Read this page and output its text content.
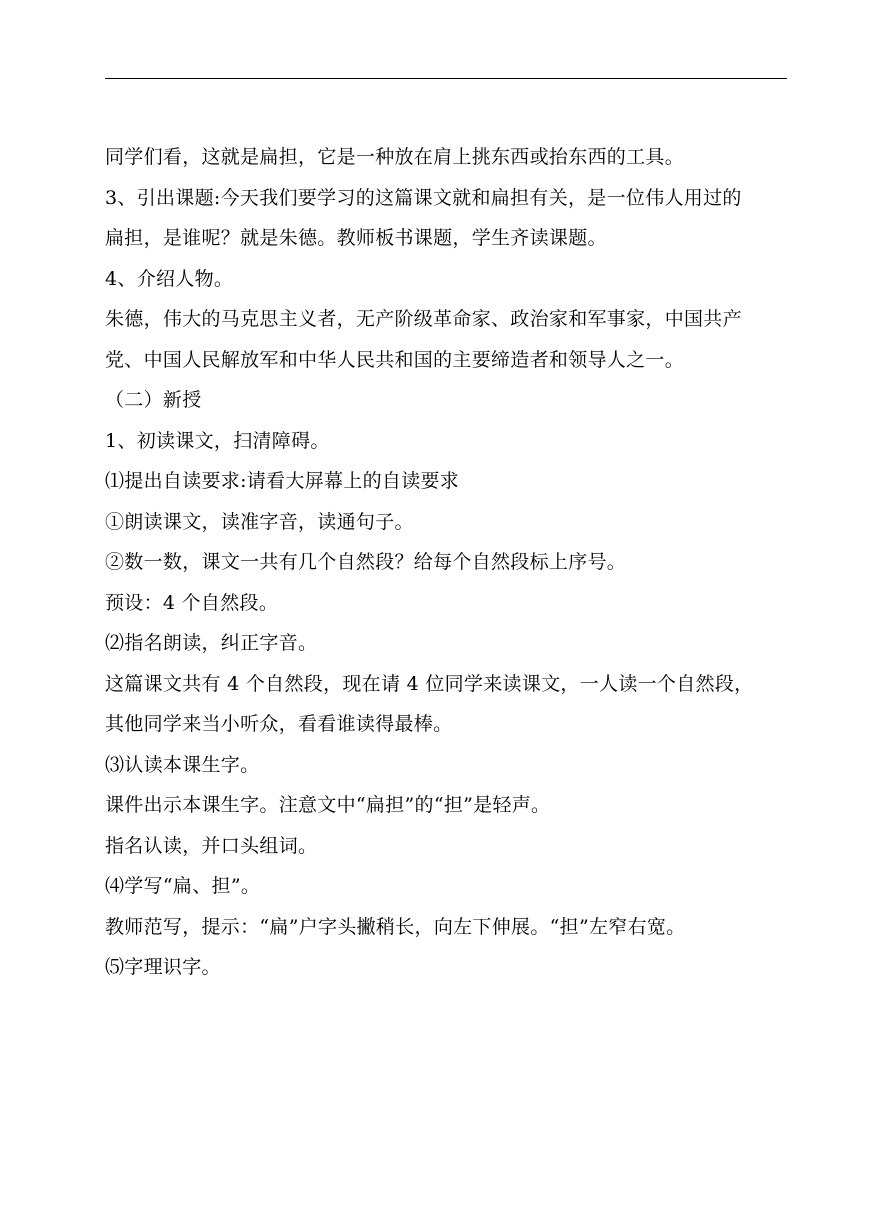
同学们看，这就是扁担，它是一种放在肩上挑东西或抬东西的工具。
3、引出课题:今天我们要学习的这篇课文就和扁担有关，是一位伟人用过的
扁担，是谁呢？就是朱德。教师板书课题，学生齐读课题。
4、介绍人物。
朱德，伟大的马克思主义者，无产阶级革命家、政治家和军事家，中国共产
党、中国人民解放军和中华人民共和国的主要缔造者和领导人之一。
（二）新授
1、初读课文，扫清障碍。
⑴提出自读要求:请看大屏幕上的自读要求
①朗读课文，读准字音，读通句子。
②数一数，课文一共有几个自然段？给每个自然段标上序号。
预设：4 个自然段。
⑵指名朗读，纠正字音。
这篇课文共有 4 个自然段，现在请 4 位同学来读课文，一人读一个自然段，
其他同学来当小听众，看看谁读得最棒。
⑶认读本课生字。
课件出示本课生字。注意文中“扁担”的“担”是轻声。
指名认读，并口头组词。
⑷学写“扁、担”。
教师范写，提示：“扁”户字头撇稍长，向左下伸展。“担”左窄右宽。
⑸字理识字。
